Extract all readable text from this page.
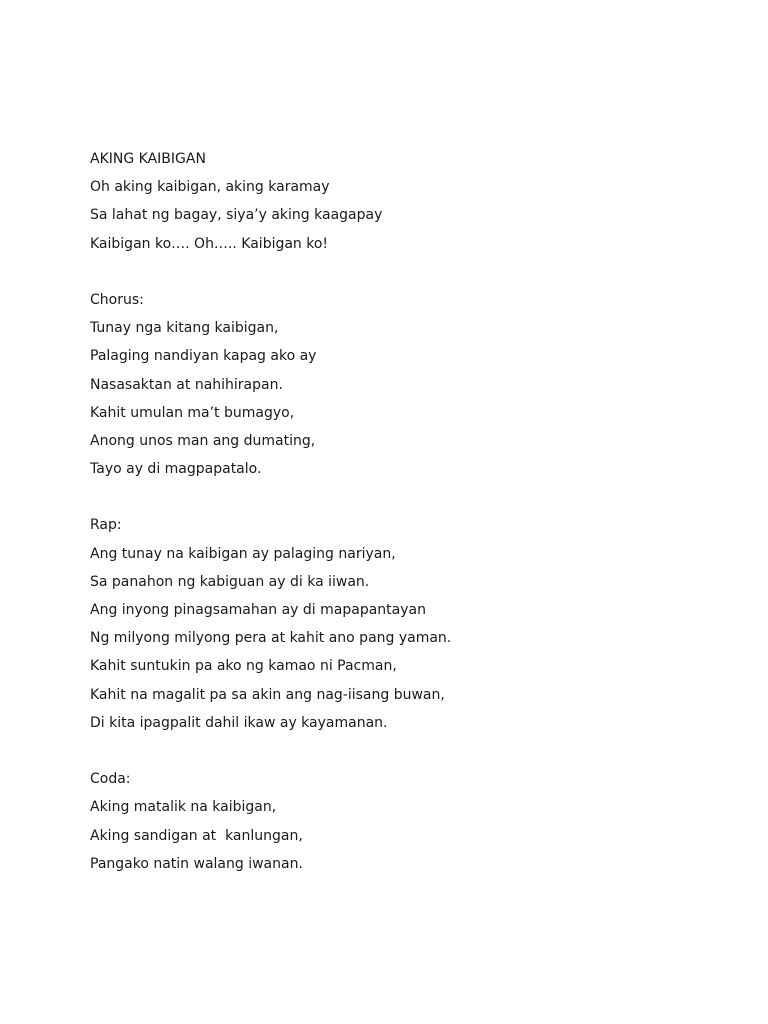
AKING KAIBIGAN

Oh aking kaibigan, aking karamay

Sa lahat ng bagay, siya’y aking kaagapay

Kaibigan ko…. Oh….. Kaibigan ko!

Chorus:

Tunay nga kitang kaibigan,

Palaging nandiyan kapag ako ay

Nasasaktan at nahihirapan.

Kahit umulan ma’t bumagyo,

Anong unos man ang dumating,

Tayo ay di magpapatalo.

Rap:

Ang tunay na kaibigan ay palaging nariyan,

Sa panahon ng kabiguan ay di ka iiwan.

Ang inyong pinagsamahan ay di mapapantayan

Ng milyong milyong pera at kahit ano pang yaman.

Kahit suntukin pa ako ng kamao ni Pacman,

Kahit na magalit pa sa akin ang nag-iisang buwan,

Di kita ipagpalit dahil ikaw ay kayamanan.

Coda:

Aking matalik na kaibigan,

Aking sandigan at  kanlungan,

Pangako natin walang iwanan.
